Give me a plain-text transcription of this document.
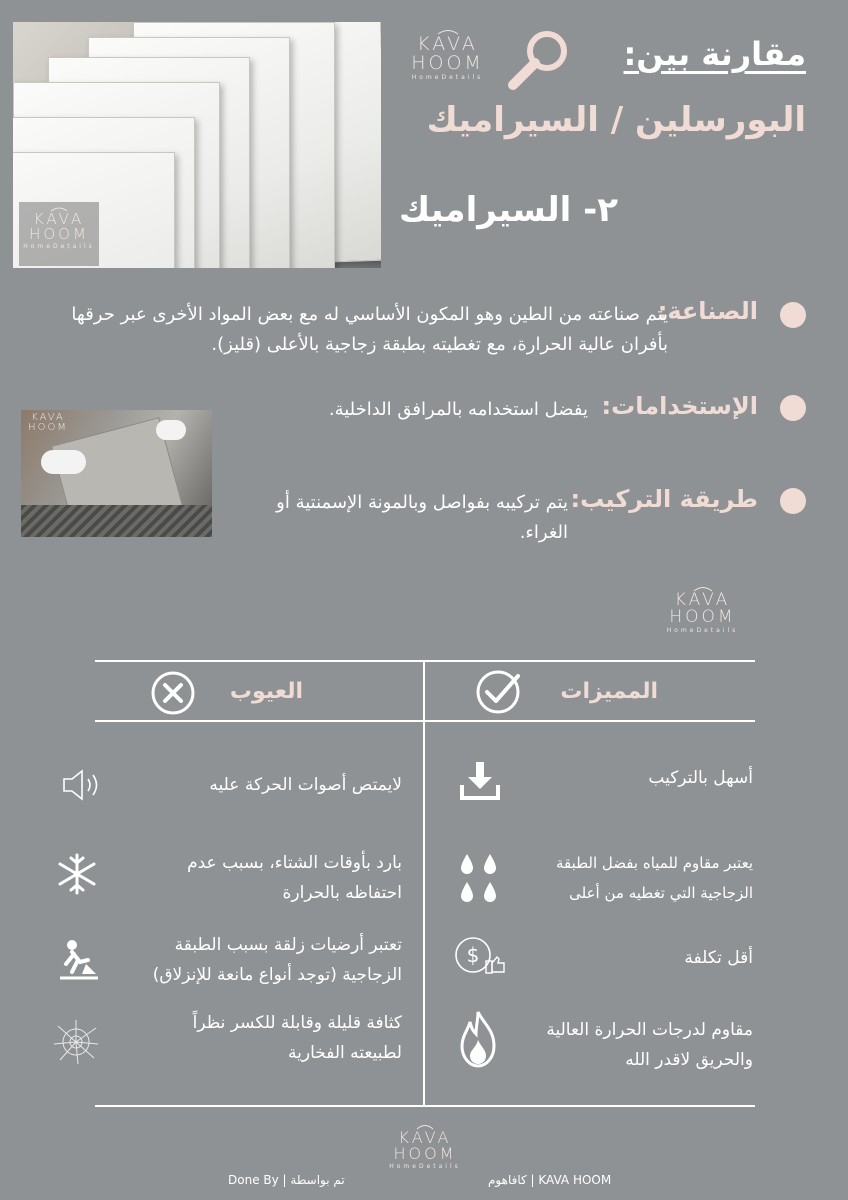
KAVA
HOOM
HomeDetails
KAVA
HOOM
HomeDetails
مقارنة بين:
البورسلين / السيراميك
٢- السيراميك
الصناعة:
يتم صناعته من الطين وهو المكون الأساسي له مع بعض المواد الأخرى عبر حرقها بأفران عالية الحرارة، مع تغطيته بطبقة زجاجية بالأعلى (قليز).
KAVA
HOOM
الإستخدامات:
يفضل استخدامه بالمرافق الداخلية.
طريقة التركيب:
يتم تركيبه بفواصل وبالمونة الإسمنتية أو الغراء.
KAVA
HOOM
HomeDetails
المميزات
العيوب
أسهل بالتركيب
يعتبر مقاوم للمياه بفضل الطبقة الزجاجية التي تغطيه من أعلى
$	أقل تكلفة
مقاوم لدرجات الحرارة العالية والحريق لاقدر الله
لايمتص أصوات الحركة عليه
بارد بأوقات الشتاء، بسبب عدم احتفاظه بالحرارة
تعتبر أرضيات زلقة بسبب الطبقة الزجاجية (توجد أنواع مانعة للإنزلاق)
كثافة قليلة وقابلة للكسر نظراً لطبيعته الفخارية
KAVA
HOOM
HomeDetails
Done By | تم بواسطة	كافاهوم | KAVA HOOM
